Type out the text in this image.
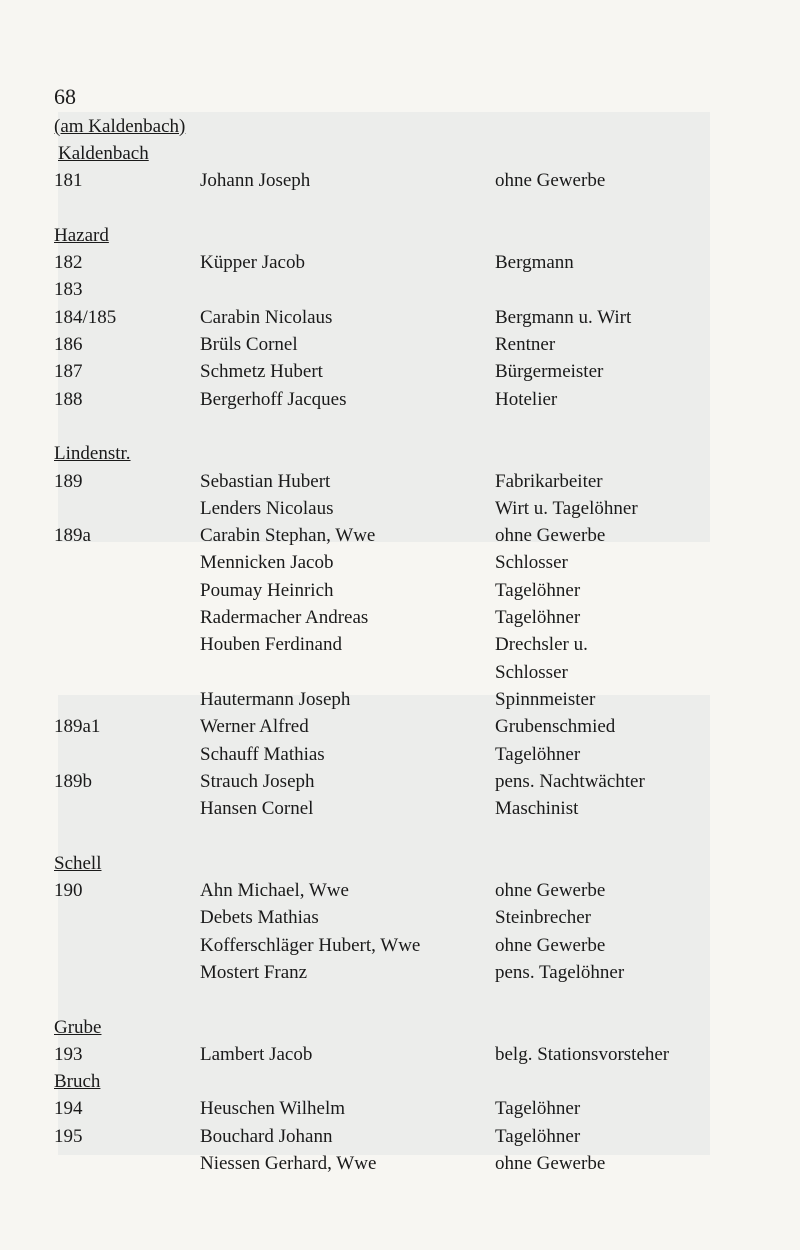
68
(am Kaldenbach)
Kaldenbach
181	Johann Joseph	ohne Gewerbe
Hazard
182	Küpper Jacob	Bergmann
183
184/185	Carabin Nicolaus	Bergmann u. Wirt
186	Brüls Cornel	Rentner
187	Schmetz Hubert	Bürgermeister
188	Bergerhoff Jacques	Hotelier
Lindenstr.
189	Sebastian Hubert	Fabrikarbeiter
Lenders Nicolaus	Wirt u. Tagelöhner
189a	Carabin Stephan, Wwe	ohne Gewerbe
Mennicken Jacob	Schlosser
Poumay Heinrich	Tagelöhner
Radermacher Andreas	Tagelöhner
Houben Ferdinand	Drechsler u.
Schlosser
Hautermann Joseph	Spinnmeister
189a1	Werner Alfred	Grubenschmied
Schauff Mathias	Tagelöhner
189b	Strauch Joseph	pens. Nachtwächter
Hansen Cornel	Maschinist
Schell
190	Ahn Michael, Wwe	ohne Gewerbe
Debets Mathias	Steinbrecher
Kofferschläger Hubert, Wwe	ohne Gewerbe
Mostert Franz	pens. Tagelöhner
Grube
193	Lambert Jacob	belg. Stationsvorsteher
Bruch
194	Heuschen Wilhelm	Tagelöhner
195	Bouchard Johann	Tagelöhner
Niessen Gerhard, Wwe	ohne Gewerbe
